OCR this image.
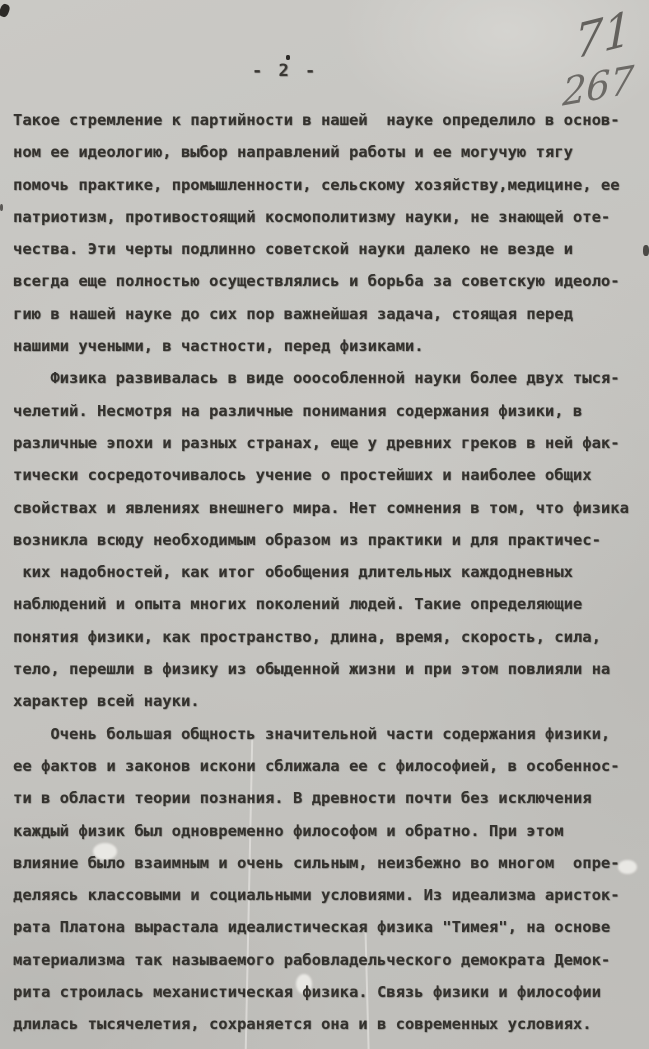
- 2 -
71
267
Такое стремление к партийности в нашей  науке определило в основ-
ном ее идеологию, выбор направлений работы и ее могучую тягу
помочь практике, промышленности, сельскому хозяйству,медицине, ее
патриотизм, противостоящий космополитизму науки, не знающей оте-
чества. Эти черты подлинно советской науки далеко не везде и
всегда еще полностью осуществлялись и борьба за советскую идеоло-
гию в нашей науке до сих пор важнейшая задача, стоящая перед
нашими учеными, в частности, перед физиками.
Физика развивалась в виде ооособленной науки более двух тыся-
челетий. Несмотря на различные понимания содержания физики, в
различные эпохи и разных странах, еще у древних греков в ней фак-
тически сосредоточивалось учение о простейших и наиболее общих
свойствах и явлениях внешнего мира. Нет сомнения в том, что физика
возникла всюду необходимым образом из практики и для практичес-
ких надобностей, как итог обобщения длительных каждодневных
наблюдений и опыта многих поколений людей. Такие определяющие
понятия физики, как пространство, длина, время, скорость, сила,
тело, перешли в физику из обыденной жизни и при этом повлияли на
характер всей науки.
Очень большая общность значительной части содержания физики,
ее фактов и законов искони сближала ее с философией, в особеннос-
ти в области теории познания. В древности почти без исключения
каждый физик был одновременно философом и обратно. При этом
влияние было взаимным и очень сильным, неизбежно во многом  опре-
деляясь классовыми и социальными условиями. Из идеализма аристок-
рата Платона вырастала идеалистическая физика "Тимея", на основе
материализма так называемого рабовладельческого демократа Демок-
рита строилась механистическая физика. Связь физики и философии
длилась тысячелетия, сохраняется она и в современных условиях.
